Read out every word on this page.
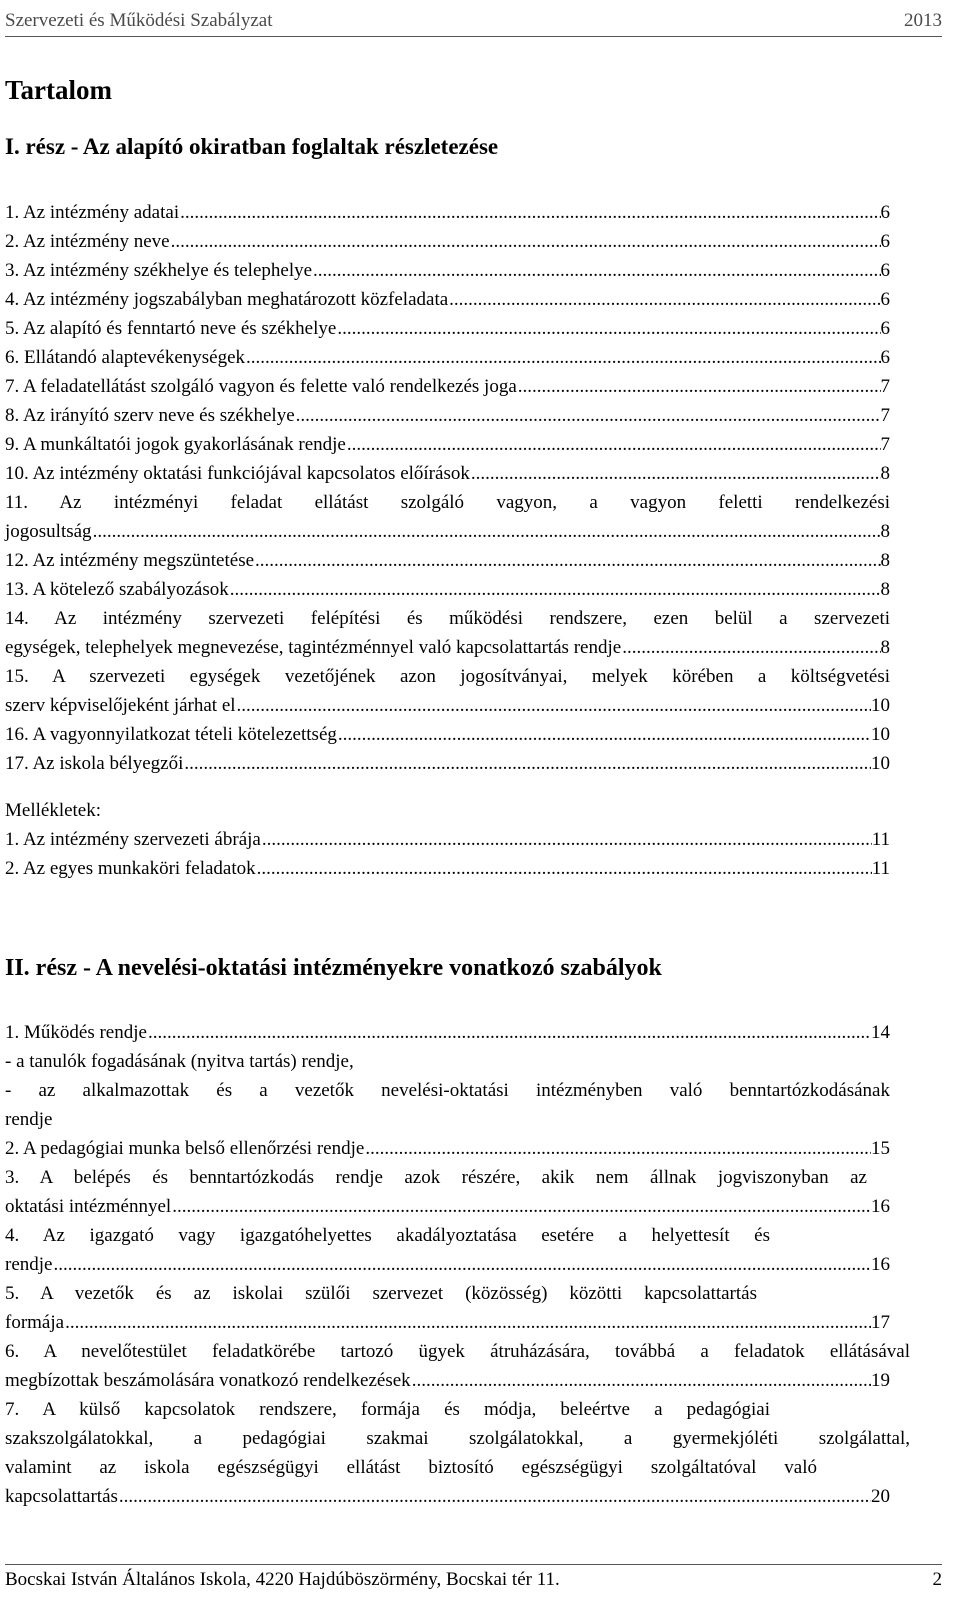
Szervezeti és Működési Szabályzat	2013
Tartalom
I. rész - Az alapító okiratban foglaltak részletezése
1. Az intézmény adatai .....	6
2. Az intézmény neve .....	6
3. Az intézmény székhelye és telephelye .....	6
4. Az intézmény jogszabályban meghatározott közfeladata .....	6
5. Az alapító és fenntartó neve és székhelye .....	6
6. Ellátandó alaptevékenységek .....	6
7. A feladatellátást szolgáló vagyon és felette való rendelkezés joga .....	7
8. Az irányító szerv neve és székhelye .....	7
9. A munkáltatói jogok gyakorlásának rendje .....	7
10. Az intézmény oktatási funkciójával kapcsolatos előírások .....	8
11. Az intézményi feladat ellátást szolgáló vagyon, a vagyon feletti rendelkezési
jogosultság .....	8
12. Az intézmény megszüntetése .....	8
13. A kötelező szabályozások .....	8
14. Az intézmény szervezeti felépítési és működési rendszere, ezen belül a szervezeti
egységek, telephelyek megnevezése, tagintézménnyel való kapcsolattartás rendje .....	8
15. A szervezeti egységek vezetőjének azon jogosítványai, melyek körében a költségvetési
szerv képviselőjeként járhat el .....	10
16. A vagyonnyilatkozat tételi kötelezettség .....	10
17. Az iskola bélyegzői .....	10
Mellékletek:
1. Az intézmény szervezeti ábrája .....	11
2. Az egyes munkaköri feladatok .....	11
II. rész - A nevelési-oktatási intézményekre vonatkozó szabályok
1. Működés rendje .....	14
- a tanulók fogadásának (nyitva tartás) rendje,
- az alkalmazottak és a vezetők nevelési-oktatási intézményben való benntartózkodásának
rendje
2. A pedagógiai munka belső ellenőrzési rendje .....	15
3. A belépés és benntartózkodás rendje azok részére, akik nem állnak jogviszonyban az
oktatási intézménnyel .....	16
4. Az igazgató vagy igazgatóhelyettes akadályoztatása esetére a helyettesít és
rendje .....	16
5. A vezetők és az iskolai szülői szervezet (közösség) közötti kapcsolattartás
formája .....	17
6. A nevelőtestület feladatkörébe tartozó ügyek átruházására, továbbá a feladatok ellátásával
megbízottak beszámolására vonatkozó rendelkezések .....	19
7. A külső kapcsolatok rendszere, formája és módja, beleértve a pedagógiai
szakszolgálatokkal, a pedagógiai szakmai szolgálatokkal, a gyermekjóléti szolgálattal,
valamint az iskola egészségügyi ellátást biztosító egészségügyi szolgáltatóval való
kapcsolattartás .....	20
Bocskai István Általános Iskola, 4220 Hajdúböszörmény, Bocskai tér 11.	2
